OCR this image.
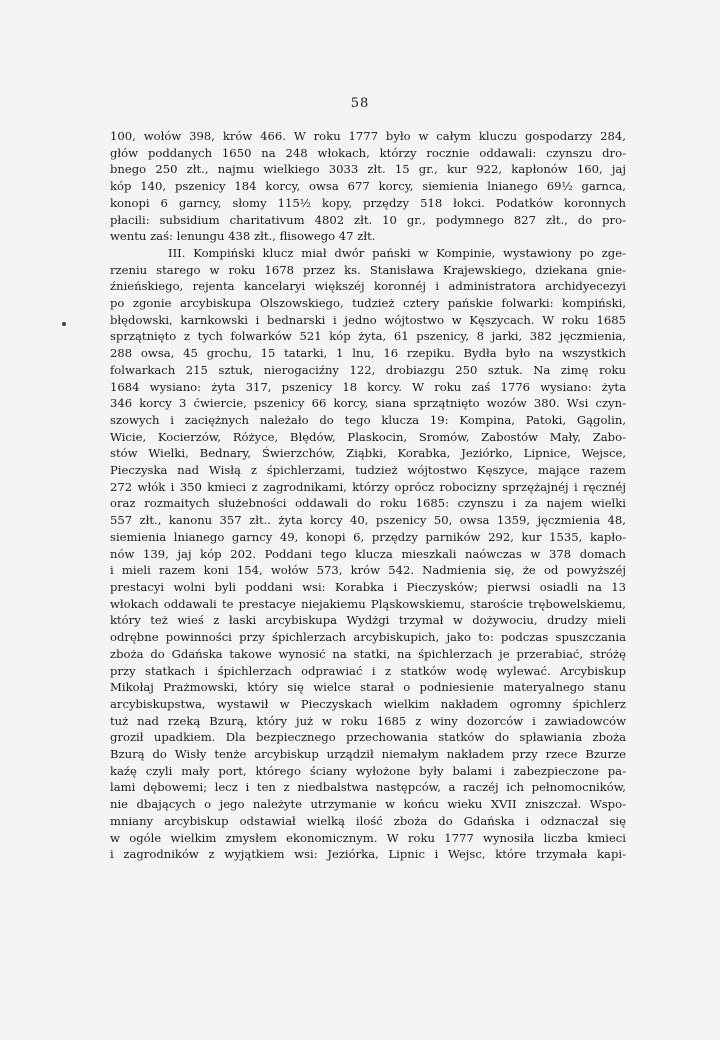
58
100, wołów 398, krów 466. W roku 1777 było w całym kluczu gospodarzy 284,
głów poddanych 1650 na 248 włokach, którzy rocznie oddawali: czynszu dro-
bnego 250 złt., najmu wielkiego 3033 złt. 15 gr., kur 922, kapłonów 160, jaj
kóp 140, pszenicy 184 korcy, owsa 677 korcy, siemienia lnianego 69½ garnca,
konopi 6 garncy, słomy 115½ kopy, przędzy 518 łokci. Podatków koronnych
płacili: subsidium charitativum 4802 złt. 10 gr., podymnego 827 złt., do pro-
wentu zaś: lenungu 438 złt., flisowego 47 złt.
III. Kompiński klucz miał dwór pański w Kompinie, wystawiony po zge-
rzeniu starego w roku 1678 przez ks. Stanisława Krajewskiego, dziekana gnie-
źnieńskiego, rejenta kancelaryi większéj koronnéj i administratora archidyecezyi
po zgonie arcybiskupa Olszowskiego, tudzież cztery pańskie folwarki: kompiński,
błędowski, karnkowski i bednarski i jedno wójtostwo w Kęszycach. W roku 1685
sprzątnięto z tych folwarków 521 kóp żyta, 61 pszenicy, 8 jarki, 382 jęczmienia,
288 owsa, 45 grochu, 15 tatarki, 1 lnu, 16 rzepiku. Bydła było na wszystkich
folwarkach 215 sztuk, nierogaciźny 122, drobiazgu 250 sztuk. Na zimę roku
1684 wysiano: żyta 317, pszenicy 18 korcy. W roku zaś 1776 wysiano: żyta
346 korcy 3 ćwiercie, pszenicy 66 korcy, siana sprzątnięto wozów 380. Wsi czyn-
szowych i zaciężnych należało do tego klucza 19: Kompina, Patoki, Gągolin,
Wicie, Kocierzów, Różyce, Błędów, Plaskocin, Sromów, Zabostów Mały, Zabo-
stów Wielki, Bednary, Świerzchów, Ziąbki, Korabka, Jeziórko, Lipnice, Wejsce,
Pieczyska nad Wisłą z śpichlerzami, tudzież wójtostwo Kęszyce, mające razem
272 włók i 350 kmieci z zagrodnikami, którzy oprócz robocizny sprzężajnéj i ręcznéj
oraz rozmaitych służebności oddawali do roku 1685: czynszu i za najem wielki
557 złt., kanonu 357 złt.. żyta korcy 40, pszenicy 50, owsa 1359, jęczmienia 48,
siemienia lnianego garncy 49, konopi 6, przędzy parników 292, kur 1535, kapło-
nów 139, jaj kóp 202. Poddani tego klucza mieszkali naówczas w 378 domach
i mieli razem koni 154, wołów 573, krów 542. Nadmienia się, że od powyższéj
prestacyi wolni byli poddani wsi: Korabka i Pieczysków; pierwsi osiadli na 13
włokach oddawali te prestacye niejakiemu Pląskowskiemu, staroście trębowelskiemu,
który też wieś z łaski arcybiskupa Wydżgi trzymał w dożywociu, drudzy mieli
odrębne powinności przy śpichlerzach arcybiskupich, jako to: podczas spuszczania
zboża do Gdańska takowe wynosić na statki, na śpichlerzach je przerabiać, stróżę
przy statkach i śpichlerzach odprawiać i z statków wodę wylewać. Arcybiskup
Mikołaj Prażmowski, który się wielce starał o podniesienie materyalnego stanu
arcybiskupstwa, wystawił w Pieczyskach wielkim nakładem ogromny śpichlerz
tuż nad rzeką Bzurą, który już w roku 1685 z winy dozorców i zawiadowców
groził upadkiem. Dla bezpiecznego przechowania statków do spławiania zboża
Bzurą do Wisły tenże arcybiskup urządził niemałym nakładem przy rzece Bzurze
kaźę czyli mały port, którego ściany wyłożone były balami i zabezpieczone pa-
lami dębowemi; lecz i ten z niedbalstwa następców, a raczéj ich pełnomocników,
nie dbających o jego należyte utrzymanie w końcu wieku XVII zniszczał. Wspo-
mniany arcybiskup odstawiał wielką ilość zboża do Gdańska i odznaczał się
w ogóle wielkim zmysłem ekonomicznym. W roku 1777 wynosiła liczba kmieci
i zagrodników z wyjątkiem wsi: Jeziórka, Lipnic i Wejsc, które trzymała kapi-
